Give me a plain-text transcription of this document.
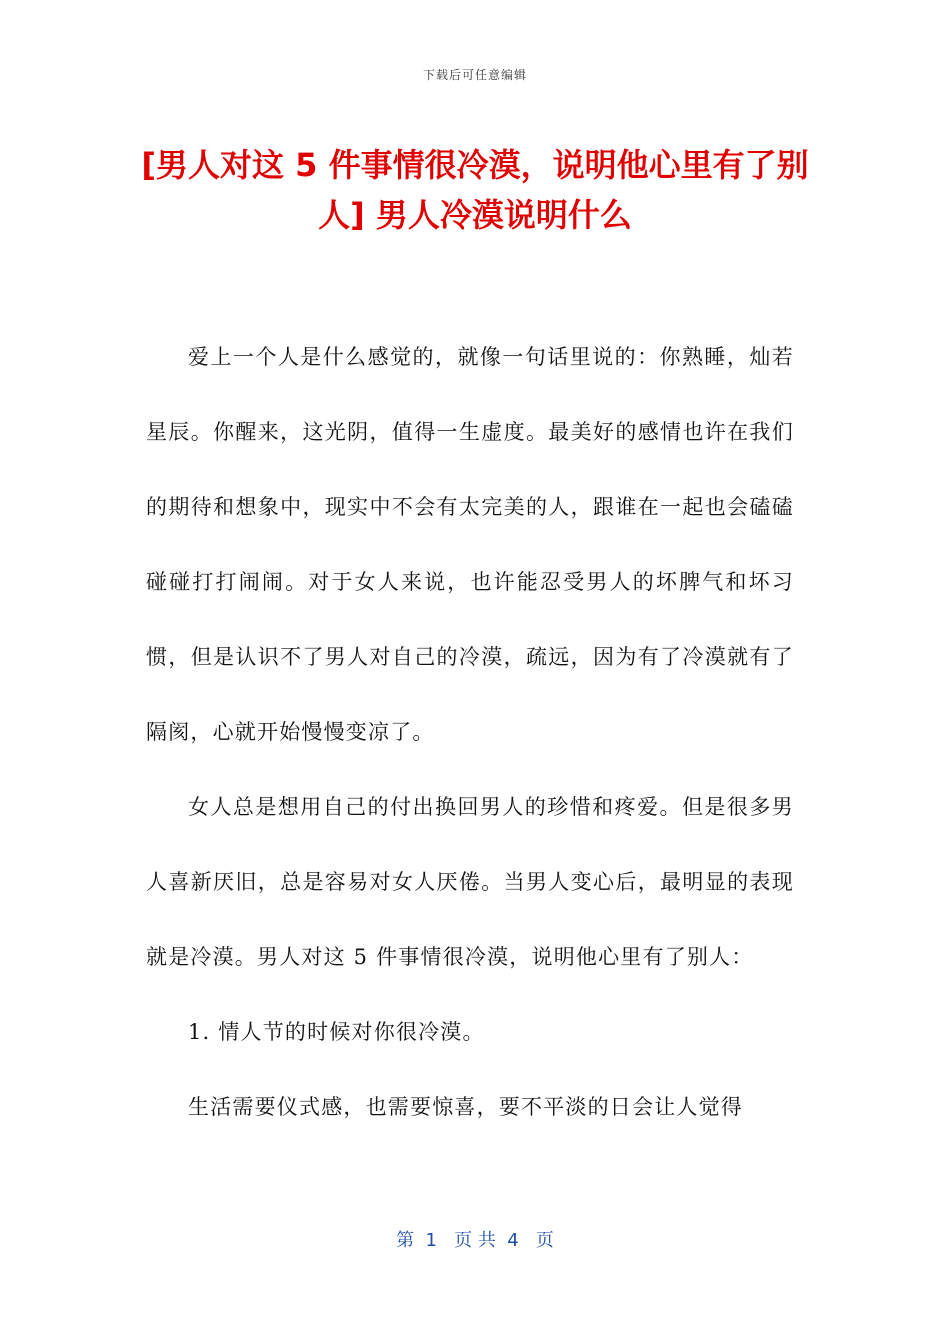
下载后可任意编辑
[男人对这 5 件事情很冷漠，说明他心里有了别人] 男人冷漠说明什么

爱上一个人是什么感觉的，就像一句话里说的：你熟睡，灿若星辰。你醒来，这光阴，值得一生虚度。最美好的感情也许在我们的期待和想象中，现实中不会有太完美的人，跟谁在一起也会磕磕碰碰打打闹闹。对于女人来说，也许能忍受男人的坏脾气和坏习惯，但是认识不了男人对自己的冷漠，疏远，因为有了冷漠就有了隔阂，心就开始慢慢变凉了。

女人总是想用自己的付出换回男人的珍惜和疼爱。但是很多男人喜新厌旧，总是容易对女人厌倦。当男人变心后，最明显的表现就是冷漠。男人对这 5 件事情很冷漠，说明他心里有了别人：

1. 情人节的时候对你很冷漠。

生活需要仪式感，也需要惊喜，要不平淡的日会让人觉得

第  1   页 共  4   页
